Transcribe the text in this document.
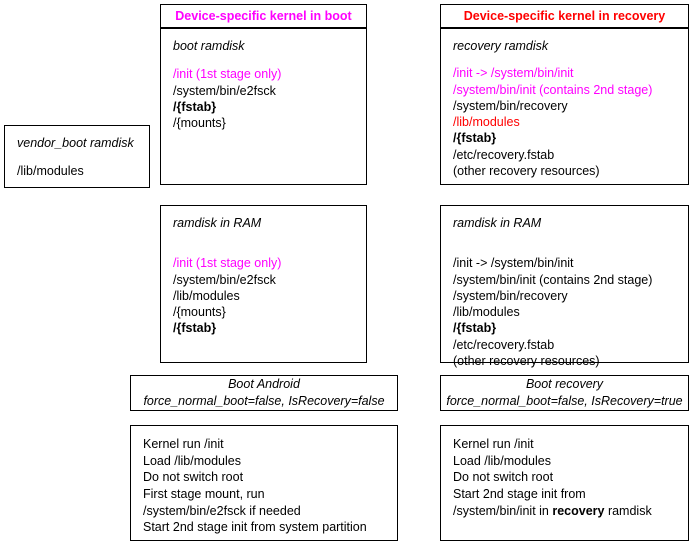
Device-specific kernel in boot	Device-specific kernel in recovery
vendor_boot ramdisk
/lib/modules
boot ramdisk
/init (1st stage only)
/system/bin/e2fsck
/{fstab}
/{mounts}
recovery ramdisk
/init -> /system/bin/init
/system/bin/init (contains 2nd stage)
/system/bin/recovery
/lib/modules
/{fstab}
/etc/recovery.fstab
(other recovery resources)
ramdisk in RAM
/init (1st stage only)
/system/bin/e2fsck
/lib/modules
/{mounts}
/{fstab}
ramdisk in RAM
/init -> /system/bin/init
/system/bin/init (contains 2nd stage)
/system/bin/recovery
/lib/modules
/{fstab}
/etc/recovery.fstab
(other recovery resources)
Boot Android
force_normal_boot=false, IsRecovery=false
Boot recovery
force_normal_boot=false, IsRecovery=true
Kernel run /init
Load /lib/modules
Do not switch root
First stage mount, run
/system/bin/e2fsck if needed
Start 2nd stage init from system partition
Kernel run /init
Load /lib/modules
Do not switch root
Start 2nd stage init from
/system/bin/init in recovery ramdisk
